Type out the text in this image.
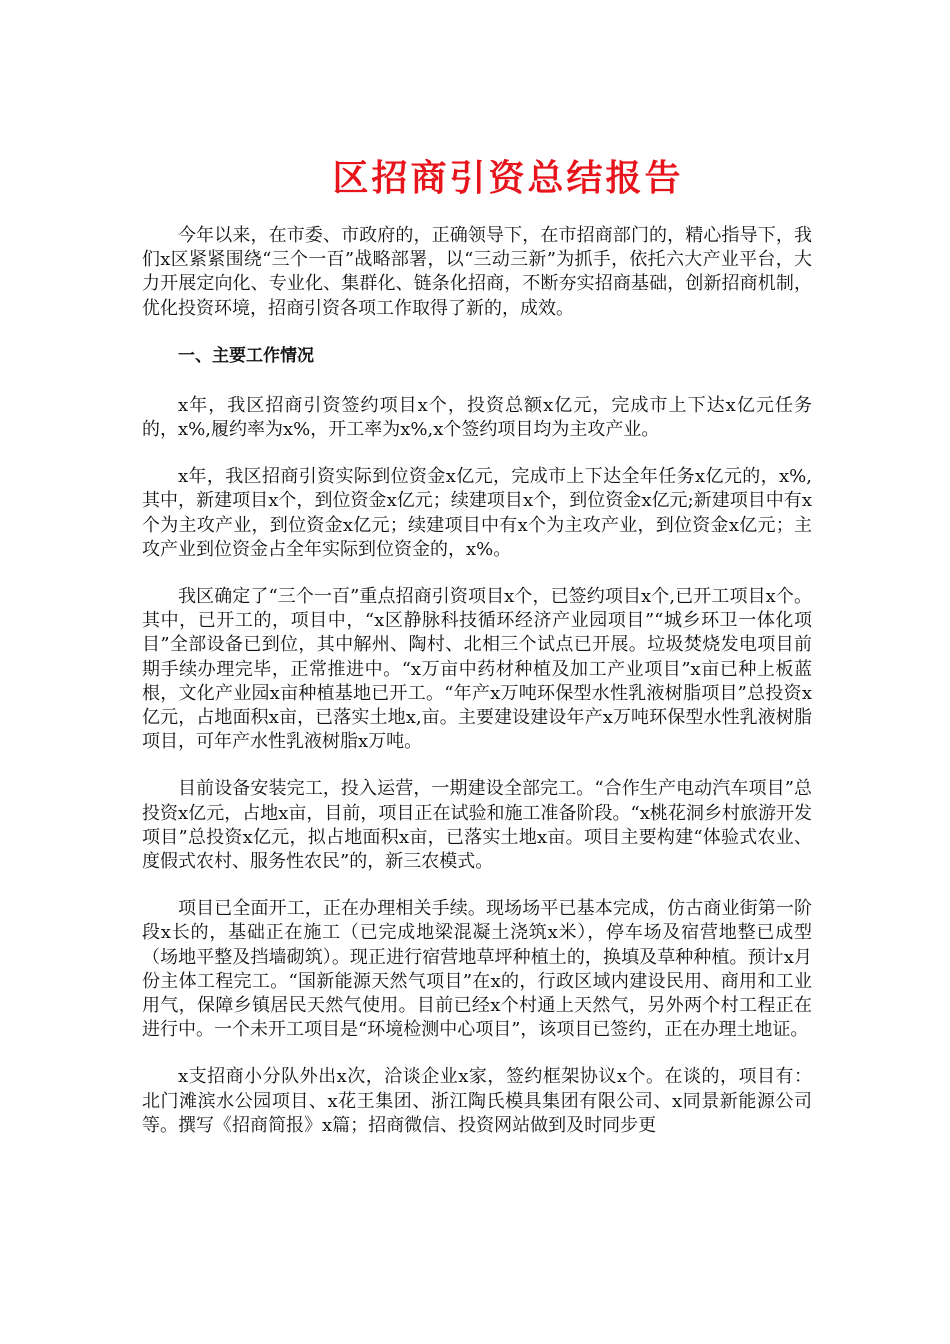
区招商引资总结报告

今年以来，在市委、市政府的，正确领导下，在市招商部门的，精心指导下，我们x区紧紧围绕“三个一百”战略部署，以“三动三新”为抓手，依托六大产业平台，大力开展定向化、专业化、集群化、链条化招商，不断夯实招商基础，创新招商机制，优化投资环境，招商引资各项工作取得了新的，成效。

一、主要工作情况

x年，我区招商引资签约项目x个，投资总额x亿元，完成市上下达x亿元任务的，x%,履约率为x%，开工率为x%,x个签约项目均为主攻产业。

x年，我区招商引资实际到位资金x亿元，完成市上下达全年任务x亿元的，x%,其中，新建项目x个，到位资金x亿元；续建项目x个，到位资金x亿元;新建项目中有x个为主攻产业，到位资金x亿元；续建项目中有x个为主攻产业，到位资金x亿元；主攻产业到位资金占全年实际到位资金的，x%。

我区确定了“三个一百”重点招商引资项目x个，已签约项目x个,已开工项目x个。其中，已开工的，项目中，“x区静脉科技循环经济产业园项目”“城乡环卫一体化项目”全部设备已到位，其中解州、陶村、北相三个试点已开展。垃圾焚烧发电项目前期手续办理完毕，正常推进中。“x万亩中药材种植及加工产业项目”x亩已种上板蓝根，文化产业园x亩种植基地已开工。“年产x万吨环保型水性乳液树脂项目”总投资x亿元，占地面积x亩，已落实土地x,亩。主要建设建设年产x万吨环保型水性乳液树脂项目，可年产水性乳液树脂x万吨。

目前设备安装完工，投入运营，一期建设全部完工。“合作生产电动汽车项目”总投资x亿元，占地x亩，目前，项目正在试验和施工准备阶段。“x桃花洞乡村旅游开发项目”总投资x亿元，拟占地面积x亩，已落实土地x亩。项目主要构建“体验式农业、度假式农村、服务性农民”的，新三农模式。

项目已全面开工，正在办理相关手续。现场场平已基本完成，仿古商业街第一阶段x长的，基础正在施工（已完成地梁混凝土浇筑x米），停车场及宿营地整已成型（场地平整及挡墙砌筑）。现正进行宿营地草坪种植土的，换填及草种种植。预计x月份主体工程完工。“国新能源天然气项目”在x的，行政区域内建设民用、商用和工业用气，保障乡镇居民天然气使用。目前已经x个村通上天然气，另外两个村工程正在进行中。一个未开工项目是“环境检测中心项目”，该项目已签约，正在办理土地证。

x支招商小分队外出x次，洽谈企业x家，签约框架协议x个。在谈的，项目有：北门滩滨水公园项目、x花王集团、浙江陶氏模具集团有限公司、x同景新能源公司等。撰写《招商简报》x篇；招商微信、投资网站做到及时同步更
